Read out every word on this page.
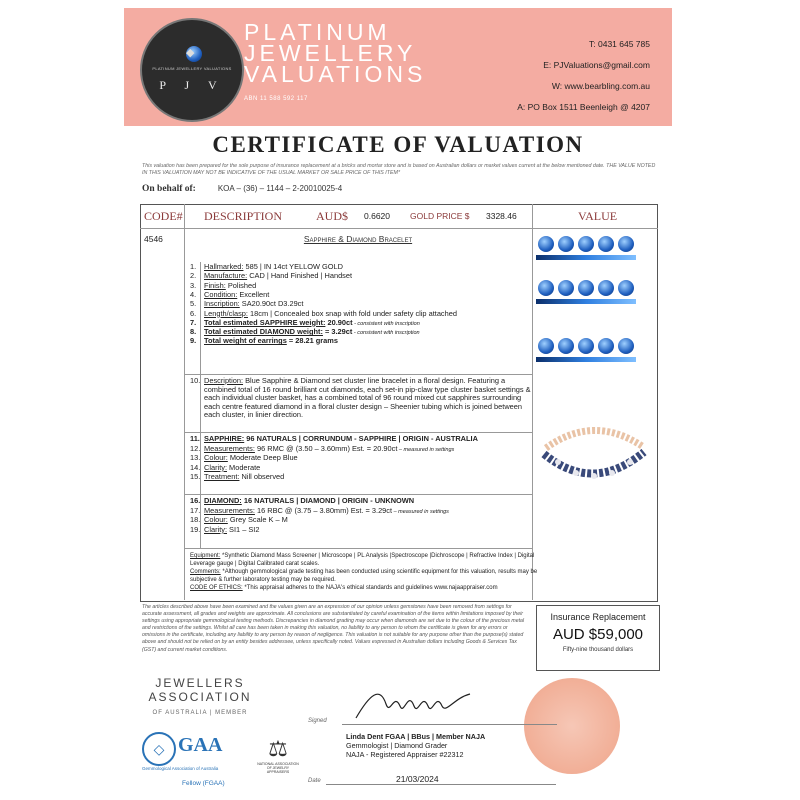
◆
PLATINUM JEWELLERY VALUATIONS
P J V
PLATINUM
JEWELLERY
VALUATIONS
ABN 11 588 592 117
T: 0431 645 785
E: PJValuations@gmail.com
W: www.bearbling.com.au
A: PO Box 1511 Beenleigh @ 4207
CERTIFICATE OF VALUATION
This valuation has been prepared for the sole purpose of insurance replacement at a bricks and mortar store and is based on Australian dollars or market values current at the below mentioned date. THE VALUE NOTED IN THIS VALUATION MAY NOT BE INDICATIVE OF THE USUAL MARKET OR SALE PRICE OF THIS ITEM*
On behalf of:	KOA – (36) – 1144 – 2-20010025-4
CODE# DESCRIPTION	AUD$ 0.6620 GOLD PRICE $ 3328.46	VALUE
4546	Sapphire & Diamond Bracelet
1. Hallmarked: 585 | IN 14ct YELLOW GOLD
2. Manufacture: CAD | Hand Finished | Handset
3. Finish: Polished
4. Condition: Excellent
5. Inscription: SA20.90ct D3.29ct
6. Length/clasp: 18cm | Concealed box snap with fold under safety clip attached
7. Total estimated SAPPHIRE weight: 20.90ct - consistent with inscription
8. Total estimated DIAMOND weight: = 3.29ct - consistent with inscription
9. Total weight of earrings = 28.21 grams
10. Description: Blue Sapphire & Diamond set cluster line bracelet in a floral design. Featuring a combined total of 16 round brilliant cut diamonds, each set-in pip-claw type cluster basket settings & each individual cluster basket, has a combined total of 96 round mixed cut sapphires surrounding each centre featured diamond in a floral cluster design – Sheenier tubing which is joined between each cluster, in linier direction.
11. SAPPHIRE: 96 NATURALS | CORRUNDUM - SAPPHIRE | ORIGIN - AUSTRALIA
12. Measurements: 96 RMC @ (3.50 – 3.60mm) Est. = 20.90ct – measured in settings
13. Colour: Moderate Deep Blue
14. Clarity: Moderate
15. Treatment: Nill observed
16. DIAMOND: 16 NATURALS | DIAMOND | ORIGIN - UNKNOWN
17. Measurements: 16 RBC @ (3.75 – 3.80mm) Est. = 3.29ct – measured in settings
18. Colour: Grey Scale K – M
19. Clarity: SI1 – SI2
Equipment: *Synthetic Diamond Mass Screener | Microscope | PL Analysis |Spectroscope |Dichroscope | Refractive Index | Digital Leverage gauge | Digital Calibrated carat scales.
Comments: *Although gemmological grade testing has been conducted using scientific equipment for this valuation, results may be subjective & further laboratory testing may be required.
CODE OF ETHICS: *This appraisal adheres to the NAJA's ethical standards and guidelines www.najaappraiser.com
The articles described above have been examined and the values given are an expression of our opinion unless gemstones have been removed from settings for accurate assessment, all grades and weights are approximate. All conclusions are substantiated by careful examination of the items within limitations imposed by their settings using appropriate gemmological testing methods. Discrepancies in diamond grading may occur when diamonds are set due to the colour of the precious metal and restrictions of the settings. Whilst all care has been taken in making this valuation, no liability to any person to whom the certificate is given for any errors or omissions in the certificate, including any liability to any person by reason of negligence. This valuation is not suitable for any purpose other than the purpose(s) stated above and should not be relied on by an entity besides addressee, unless specifically noted. Values expressed in Australian dollars including Goods & Services Tax (GST) and current market conditions.
Insurance Replacement
AUD $59,000
Fifty-nine thousand dollars
JEWELLERS
ASSOCIATION
OF AUSTRALIA | MEMBER
◇ GAA
Gemmological Association of Australia
Fellow (FGAA)
⚖
NATIONAL ASSOCIATION OF JEWELRY APPRAISERS
Signed
Linda Dent FGAA | BBus | Member NAJA
Gemmologist | Diamond Grader
NAJA - Registered Appraiser #22312
Date	21/03/2024
